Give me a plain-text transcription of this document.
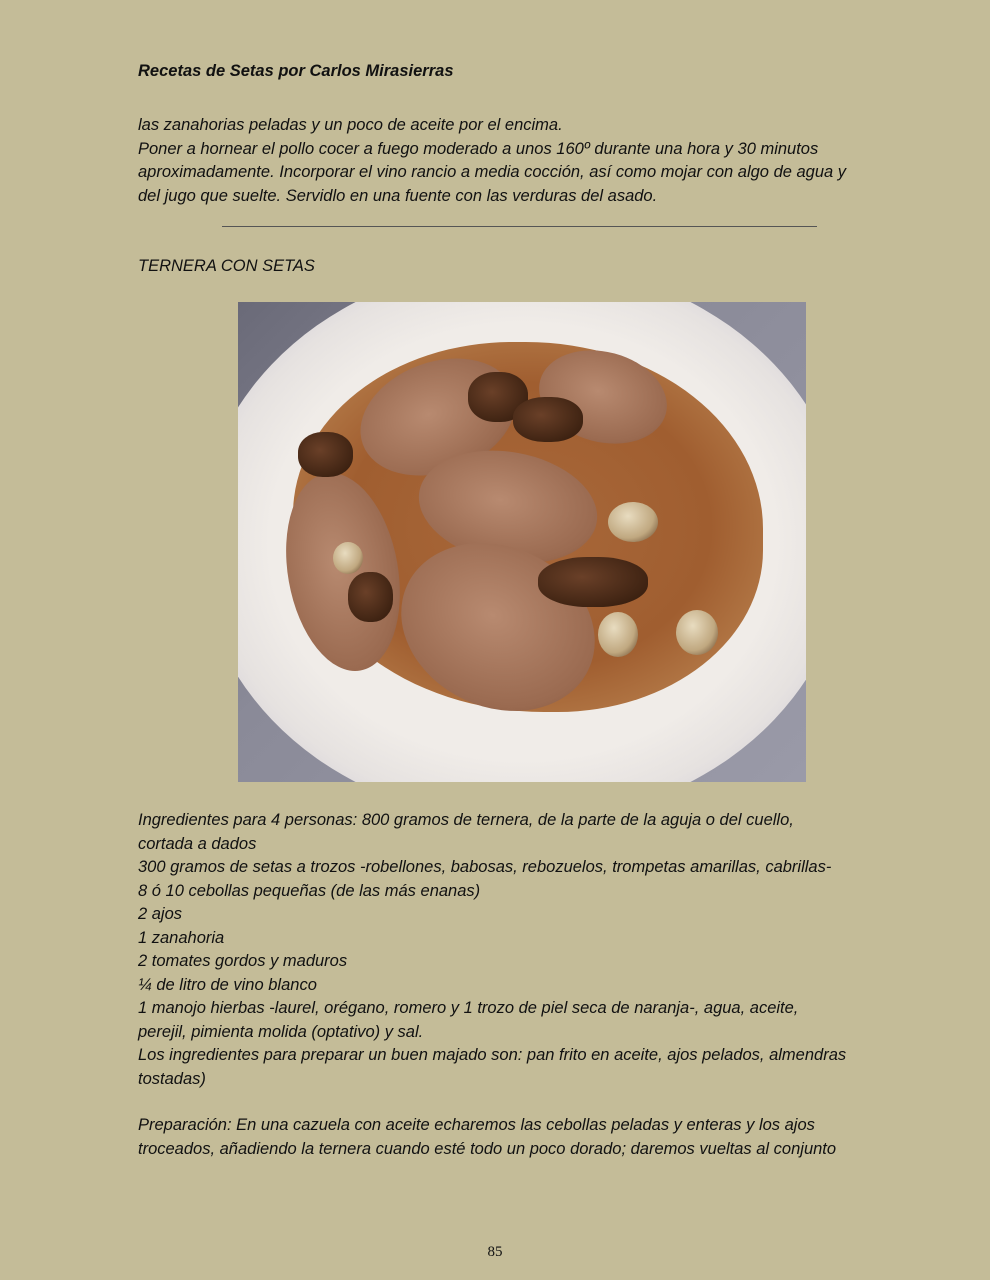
Recetas de Setas por Carlos Mirasierras
las zanahorias peladas y un poco de aceite por el encima.
Poner a hornear el pollo cocer a fuego moderado a unos 160º durante una hora y 30 minutos
aproximadamente. Incorporar el vino rancio a media cocción, así como mojar con algo de agua y
del jugo que suelte. Servidlo en una fuente con las verduras del asado.
TERNERA CON SETAS
Ingredientes para 4 personas: 800 gramos de ternera, de la parte de la aguja o del cuello,
cortada a dados
300 gramos de setas a trozos -robellones, babosas, rebozuelos, trompetas amarillas, cabrillas-
8 ó 10 cebollas pequeñas (de las más enanas)
2 ajos
1 zanahoria
2 tomates gordos y maduros
¼ de litro de vino blanco
1 manojo hierbas -laurel, orégano, romero y 1 trozo de piel seca de naranja-, agua, aceite,
perejil, pimienta molida (optativo) y sal.
Los ingredientes para preparar un buen majado son: pan frito en aceite, ajos pelados, almendras
tostadas)
Preparación: En una cazuela con aceite echaremos las cebollas peladas y enteras y los ajos
troceados, añadiendo la ternera cuando esté todo un poco dorado; daremos vueltas al conjunto
85
